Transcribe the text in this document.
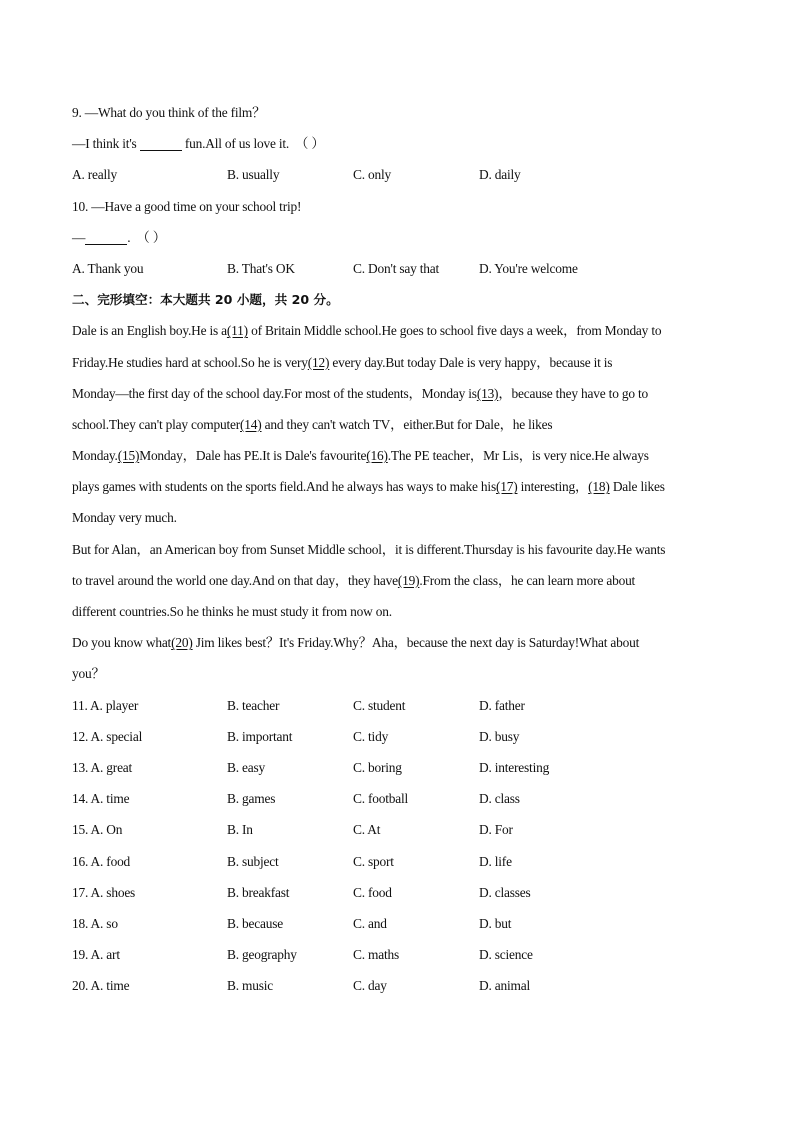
9. —What do you think of the film？
—I think it's	fun.All of us love it. （ ）
A. really	B. usually	C. only	D. daily
10. —Have a good time on your school trip!
—	. （ ）
A. Thank you	B. That's OK	C. Don't say that	D. You're welcome
二、完形填空：本大题共 20 小题，共 20 分。
Dale is an English boy.He is a(11) of Britain Middle school.He goes to school five days a week，from Monday to
Friday.He studies hard at school.So he is very(12) every day.But today Dale is very happy，because it is
Monday—the first day of the school day.For most of the students，Monday is(13)，because they have to go to
school.They can't play computer(14) and they can't watch TV，either.But for Dale，he likes
Monday.(15)Monday，Dale has PE.It is Dale's favourite(16).The PE teacher，Mr Lis，is very nice.He always
plays games with students on the sports field.And he always has ways to make his(17) interesting，(18) Dale likes
Monday very much.
But for Alan，an American boy from Sunset Middle school，it is different.Thursday is his favourite day.He wants
to travel around the world one day.And on that day，they have(19).From the class，he can learn more about
different countries.So he thinks he must study it from now on.
Do you know what(20) Jim likes best？It's Friday.Why？Aha，because the next day is Saturday!What about
you？
11. A. player	B. teacher	C. student	D. father
12. A. special	B. important	C. tidy	D. busy
13. A. great	B. easy	C. boring	D. interesting
14. A. time	B. games	C. football	D. class
15. A. On	B. In	C. At	D. For
16. A. food	B. subject	C. sport	D. life
17. A. shoes	B. breakfast	C. food	D. classes
18. A. so	B. because	C. and	D. but
19. A. art	B. geography	C. maths	D. science
20. A. time	B. music	C. day	D. animal
